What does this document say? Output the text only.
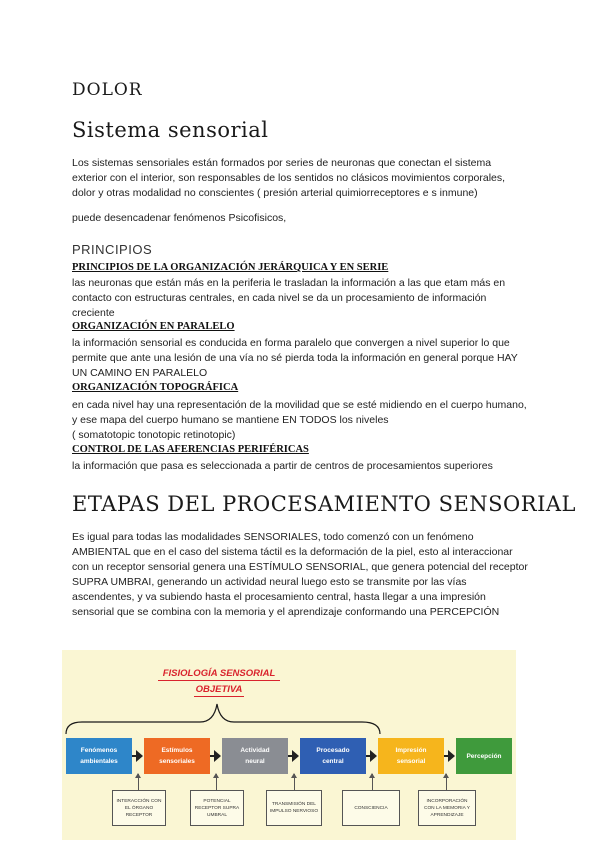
DOLOR
Sistema sensorial

Los sistemas sensoriales están formados por series de neuronas que conectan el sistema exterior con el interior, son responsables de los sentidos no clásicos movimientos corporales, dolor y otras modalidad no conscientes ( presión arterial quimiorreceptores e s inmune)

puede desencadenar fenómenos Psicofisicos,

PRINCIPIOS
PRINCIPIOS DE LA ORGANIZACIÓN JERÁRQUICA Y EN SERIE

las neuronas que están más en la periferia le trasladan la información a las que etam más en contacto con estructuras centrales, en cada nivel se da un procesamiento de información creciente

ORGANIZACIÓN EN PARALELO

la información sensorial es conducida en forma paralelo que convergen a nivel superior lo que permite que ante una lesión de una vía no sé pierda toda la información en general porque HAY UN CAMINO EN PARALELO

ORGANIZACIÓN TOPOGRÁFICA

en cada nivel hay una representación de la movilidad que se esté midiendo en el cuerpo humano, y ese mapa del cuerpo humano se mantiene EN TODOS los niveles

( somatotopic tonotopic retinotopic)

CONTROL DE LAS AFERENCIAS PERIFÉRICAS

la información que pasa es seleccionada a partir de centros de procesamientos superiores

ETAPAS DEL PROCESAMIENTO SENSORIAL

Es igual para todas las modalidades SENSORIALES, todo comenzó con un fenómeno AMBIENTAL que en el caso del sistema táctil es la deformación de la piel, esto al interaccionar con un receptor sensorial genera una ESTÍMULO SENSORIAL, que genera potencial del receptor SUPRA UMBRAI, generando un actividad neural luego esto se transmite por las vías ascendentes, y va subiendo hasta el procesamiento central, hasta llegar a una impresión sensorial que se combina con la memoria y el aprendizaje conformando una PERCEPCIÓN

FISIOLOGÍA SENSORIAL
OBJETIVA
Fenómenos
ambientales
Estímulos
sensoriales
Actividad
neural
Procesado
central
Impresión
sensorial
Percepción
INTERACCIÓN CON EL ÓRGANO RECEPTOR
POTENCIAL RECEPTOR SUPRA UMBRAL
TRANSMISIÓN DEL IMPULSO NERVIOSO
CONSCIENCIA
INCORPORACIÓN CON LA MEMORIA Y APRENDIZAJE
